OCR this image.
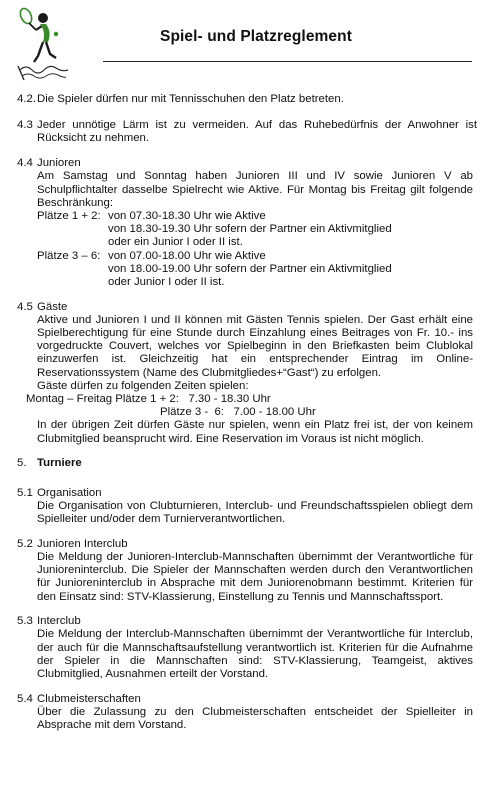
Spiel- und Platzreglement
4.2. Die Spieler dürfen nur mit Tennisschuhen den Platz betreten.
4.3 Jeder unnötige Lärm ist zu vermeiden. Auf das Ruhebedürfnis der Anwohner ist Rücksicht zu nehmen.
4.4 Junioren
Am Samstag und Sonntag haben Junioren III und IV sowie Junioren V ab Schulpflichtalter dasselbe Spielrecht wie Aktive. Für Montag bis Freitag gilt folgende Beschränkung:
Plätze 1 + 2: von 07.30-18.30 Uhr wie Aktive
von 18.30-19.30 Uhr sofern der Partner ein Aktivmitglied oder ein Junior I oder II ist.
Plätze 3 – 6: von 07.00-18.00 Uhr wie Aktive
von 18.00-19.00 Uhr sofern der Partner ein Aktivmitglied oder Junior I oder II ist.
4.5 Gäste
Aktive und Junioren I und II können mit Gästen Tennis spielen. Der Gast erhält eine Spielberechtigung für eine Stunde durch Einzahlung eines Beitrages von Fr. 10.- ins vorgedruckte Couvert, welches vor Spielbeginn in den Briefkasten beim Clublokal einzuwerfen ist. Gleichzeitig hat ein entsprechender Eintrag im Online-Reservationssystem (Name des Clubmitgliedes+“Gast“) zu erfolgen.
Gäste dürfen zu folgenden Zeiten spielen:
Montag – Freitag Plätze 1 + 2:   7.30 - 18.30 Uhr
Plätze 3 -  6:   7.00 - 18.00 Uhr
In der übrigen Zeit dürfen Gäste nur spielen, wenn ein Platz frei ist, der von keinem Clubmitglied beansprucht wird. Eine Reservation im Voraus ist nicht möglich.
5. Turniere
5.1 Organisation
Die Organisation von Clubturnieren, Interclub- und Freundschaftsspielen obliegt dem Spielleiter und/oder dem Turnierverantwortlichen.
5.2 Junioren Interclub
Die Meldung der Junioren-Interclub-Mannschaften übernimmt der Verantwortliche für Junioreninterclub. Die Spieler der Mannschaften werden durch den Verantwortlichen für Junioreninterclub in Absprache mit dem Juniorenobmann bestimmt. Kriterien für den Einsatz sind: STV-Klassierung, Einstellung zu Tennis und Mannschaftssport.
5.3 Interclub
Die Meldung der Interclub-Mannschaften übernimmt der Verantwortliche für Interclub, der auch für die Mannschaftsaufstellung verantwortlich ist. Kriterien für die Aufnahme der Spieler in die Mannschaften sind: STV-Klassierung, Teamgeist, aktives Clubmitglied, Ausnahmen erteilt der Vorstand.
5.4 Clubmeisterschaften
Über die Zulassung zu den Clubmeisterschaften entscheidet der Spielleiter in Absprache mit dem Vorstand.
